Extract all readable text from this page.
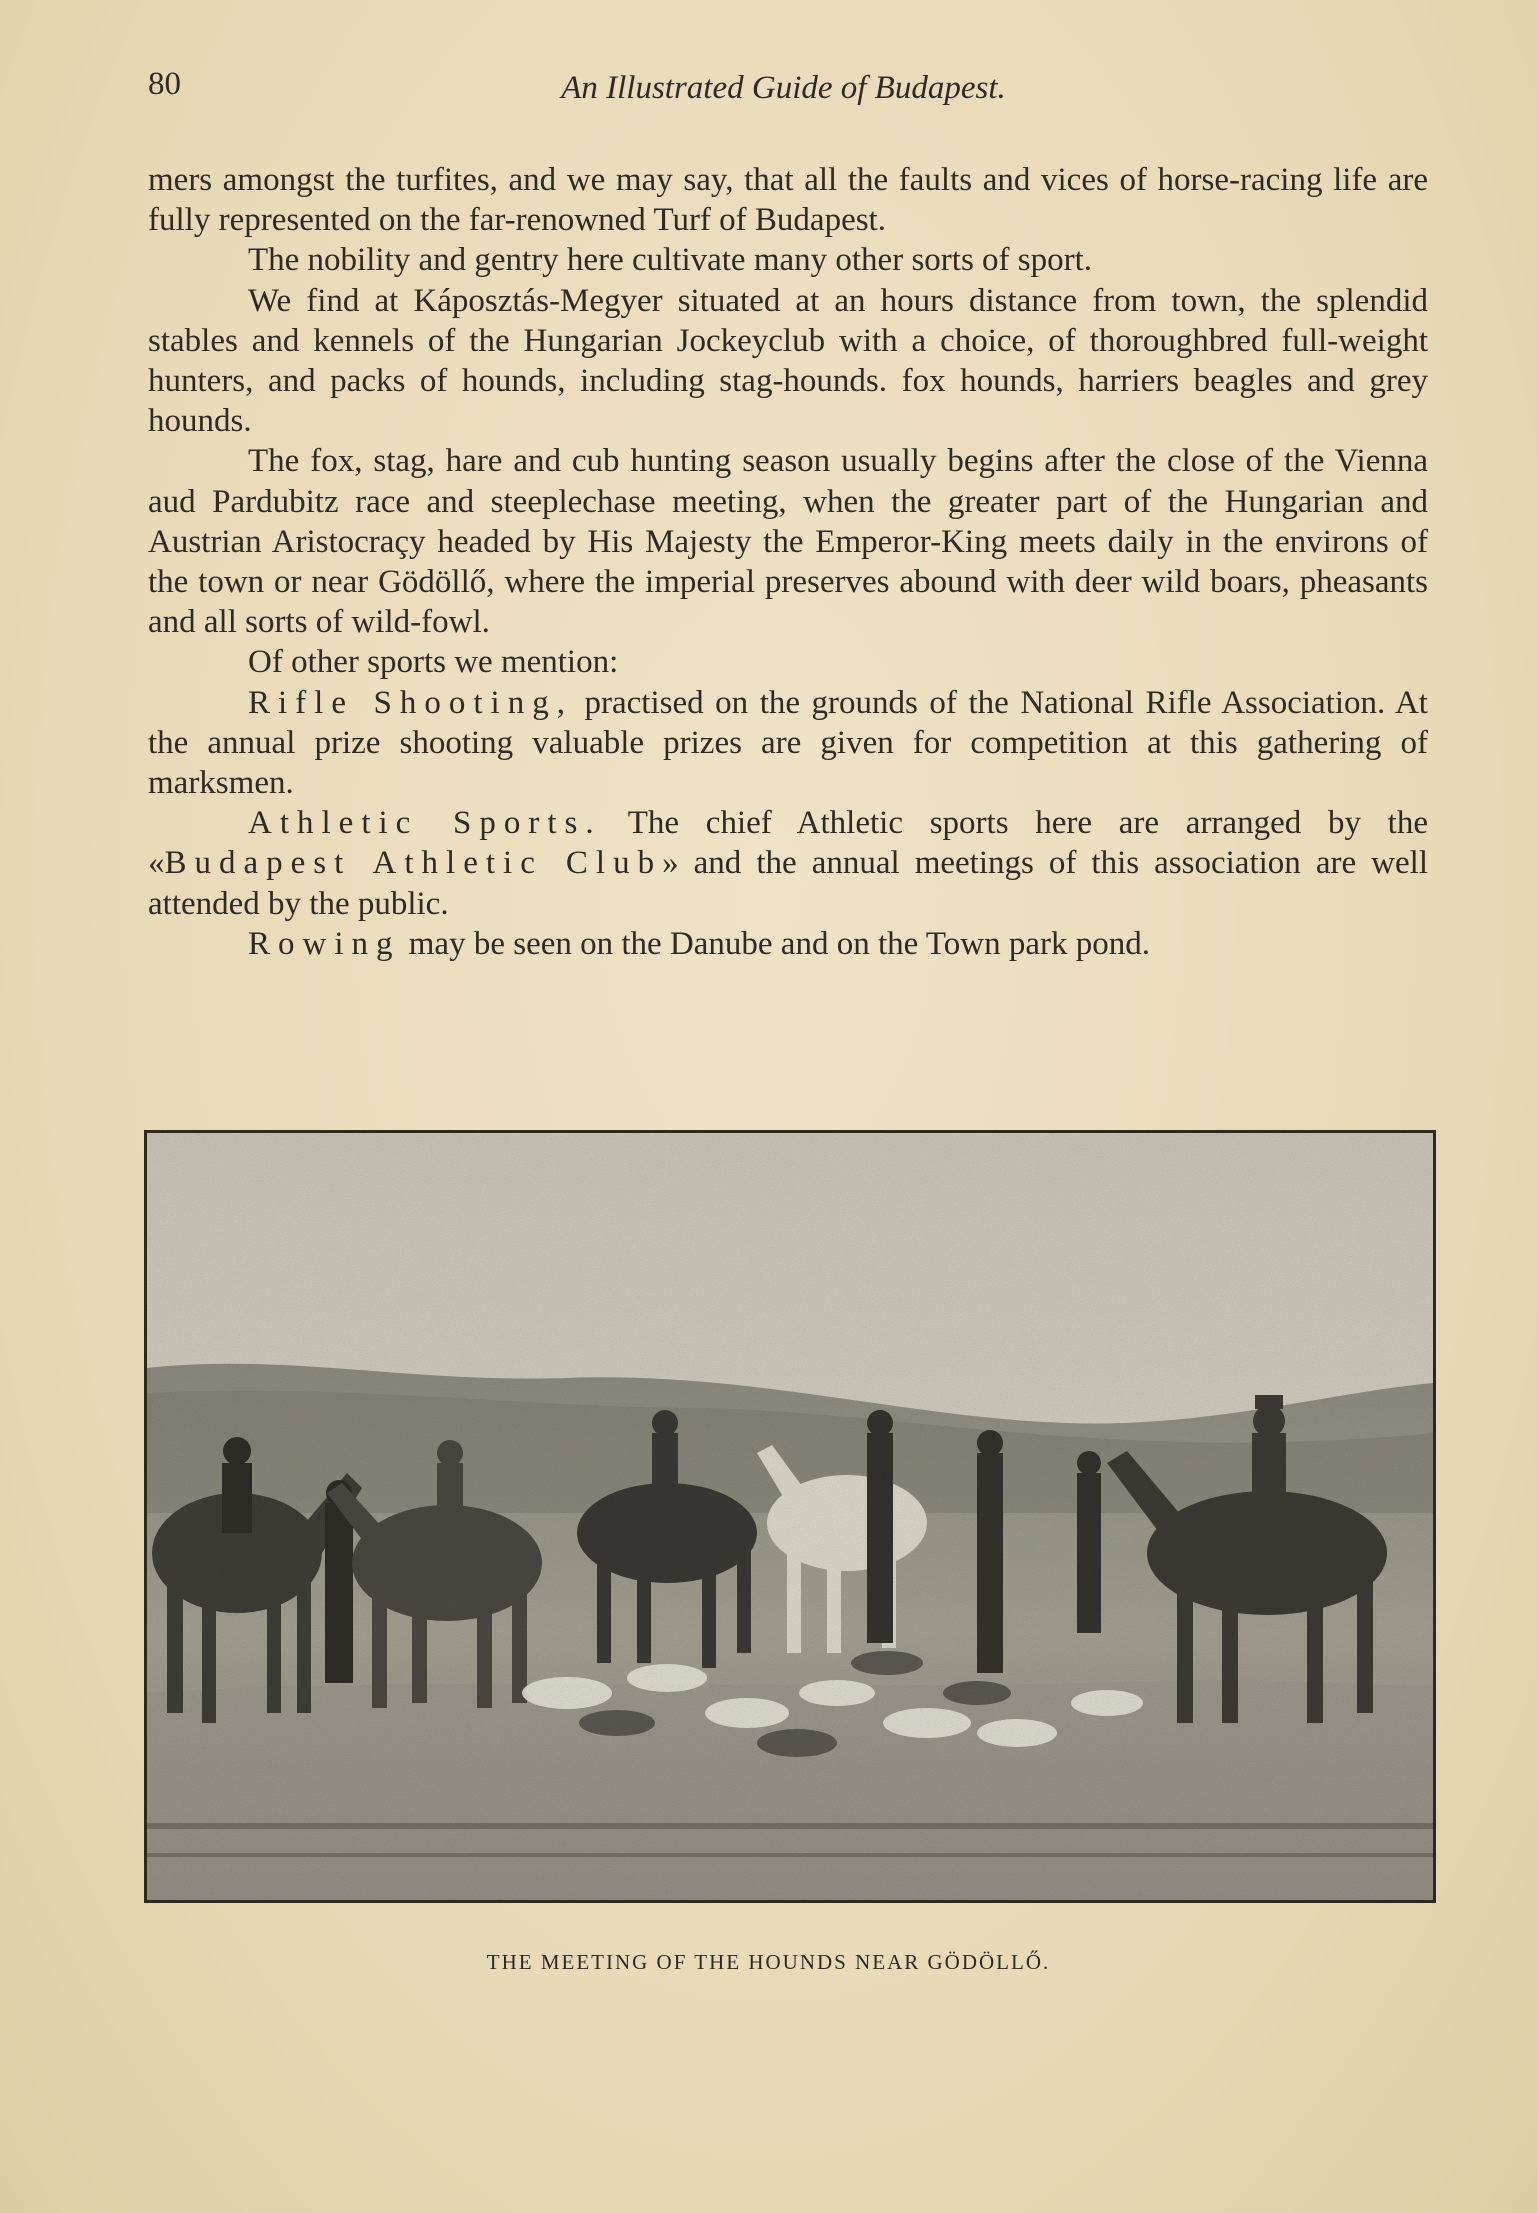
80	An Illustrated Guide of Budapest.

mers amongst the turfites, and we may say, that all the faults and vices of horse-racing life are fully represented on the far-renowned Turf of Budapest.

The nobility and gentry here cultivate many other sorts of sport.

We find at Káposztás-Megyer situated at an hours distance from town, the splendid stables and kennels of the Hungarian Jockeyclub with a choice, of thoroughbred full-weight hunters, and packs of hounds, including stag-hounds. fox hounds, harriers beagles and grey hounds.

The fox, stag, hare and cub hunting season usually begins after the close of the Vienna aud Pardubitz race and steeplechase meeting, when the greater part of the Hungarian and Austrian Aristocraçy headed by His Majesty the Emperor-King meets daily in the environs of the town or near Gödöllő, where the imperial preserves abound with deer wild boars, pheasants and all sorts of wild-fowl.

Of other sports we mention:

Rifle Shooting, practised on the grounds of the National Rifle Association. At the annual prize shooting valuable prizes are given for competition at this gathering of marksmen.

Athletic Sports. The chief Athletic sports here are arranged by the «Budapest Athletic Club» and the annual meetings of this association are well attended by the public.

Rowing may be seen on the Danube and on the Town park pond.

THE MEETING OF THE HOUNDS NEAR GÖDÖLLŐ.
